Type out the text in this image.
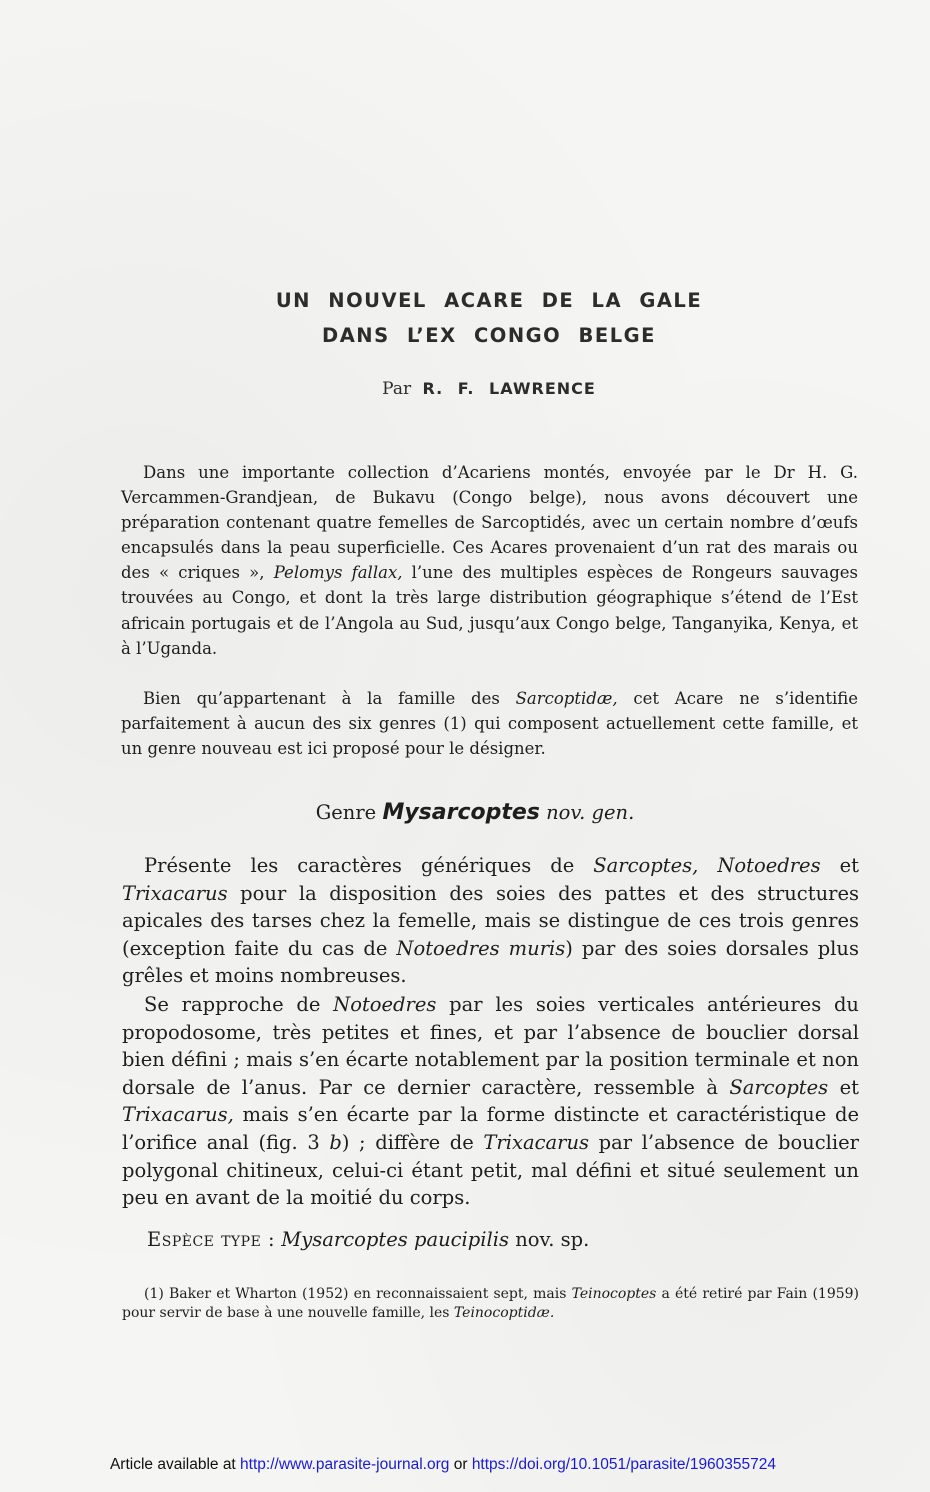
UN NOUVEL ACARE DE LA GALE
DANS L’EX CONGO BELGE
Par R. F. LAWRENCE

Dans une importante collection d’Acariens montés, envoyée par le Dr H. G. Vercammen-Grandjean, de Bukavu (Congo belge), nous avons découvert une préparation contenant quatre femelles de Sarcoptidés, avec un certain nombre d’œufs encapsulés dans la peau superficielle. Ces Acares provenaient d’un rat des marais ou des « criques », Pelomys fallax, l’une des multiples espèces de Rongeurs sauvages trouvées au Congo, et dont la très large distribution géographique s’étend de l’Est africain portugais et de l’Angola au Sud, jusqu’aux Congo belge, Tanganyika, Kenya, et à l’Uganda.

Bien qu’appartenant à la famille des Sarcoptidæ, cet Acare ne s’identifie parfaitement à aucun des six genres (1) qui composent actuellement cette famille, et un genre nouveau est ici proposé pour le désigner.

Genre Mysarcoptes nov. gen.

Présente les caractères génériques de Sarcoptes, Notoedres et Trixacarus pour la disposition des soies des pattes et des structures apicales des tarses chez la femelle, mais se distingue de ces trois genres (exception faite du cas de Notoedres muris) par des soies dorsales plus grêles et moins nombreuses.

Se rapproche de Notoedres par les soies verticales antérieures du propodosome, très petites et fines, et par l’absence de bouclier dorsal bien défini ; mais s’en écarte notablement par la position terminale et non dorsale de l’anus. Par ce dernier caractère, ressemble à Sarcoptes et Trixacarus, mais s’en écarte par la forme distincte et caractéristique de l’orifice anal (fig. 3 b) ; diffère de Trixacarus par l’absence de bouclier polygonal chitineux, celui-ci étant petit, mal défini et situé seulement un peu en avant de la moitié du corps.

Espèce type : Mysarcoptes paucipilis nov. sp.

(1) Baker et Wharton (1952) en reconnaissaient sept, mais Teinocoptes a été retiré par Fain (1959) pour servir de base à une nouvelle famille, les Teinocoptidæ.

Article available at http://www.parasite-journal.org or https://doi.org/10.1051/parasite/1960355724
